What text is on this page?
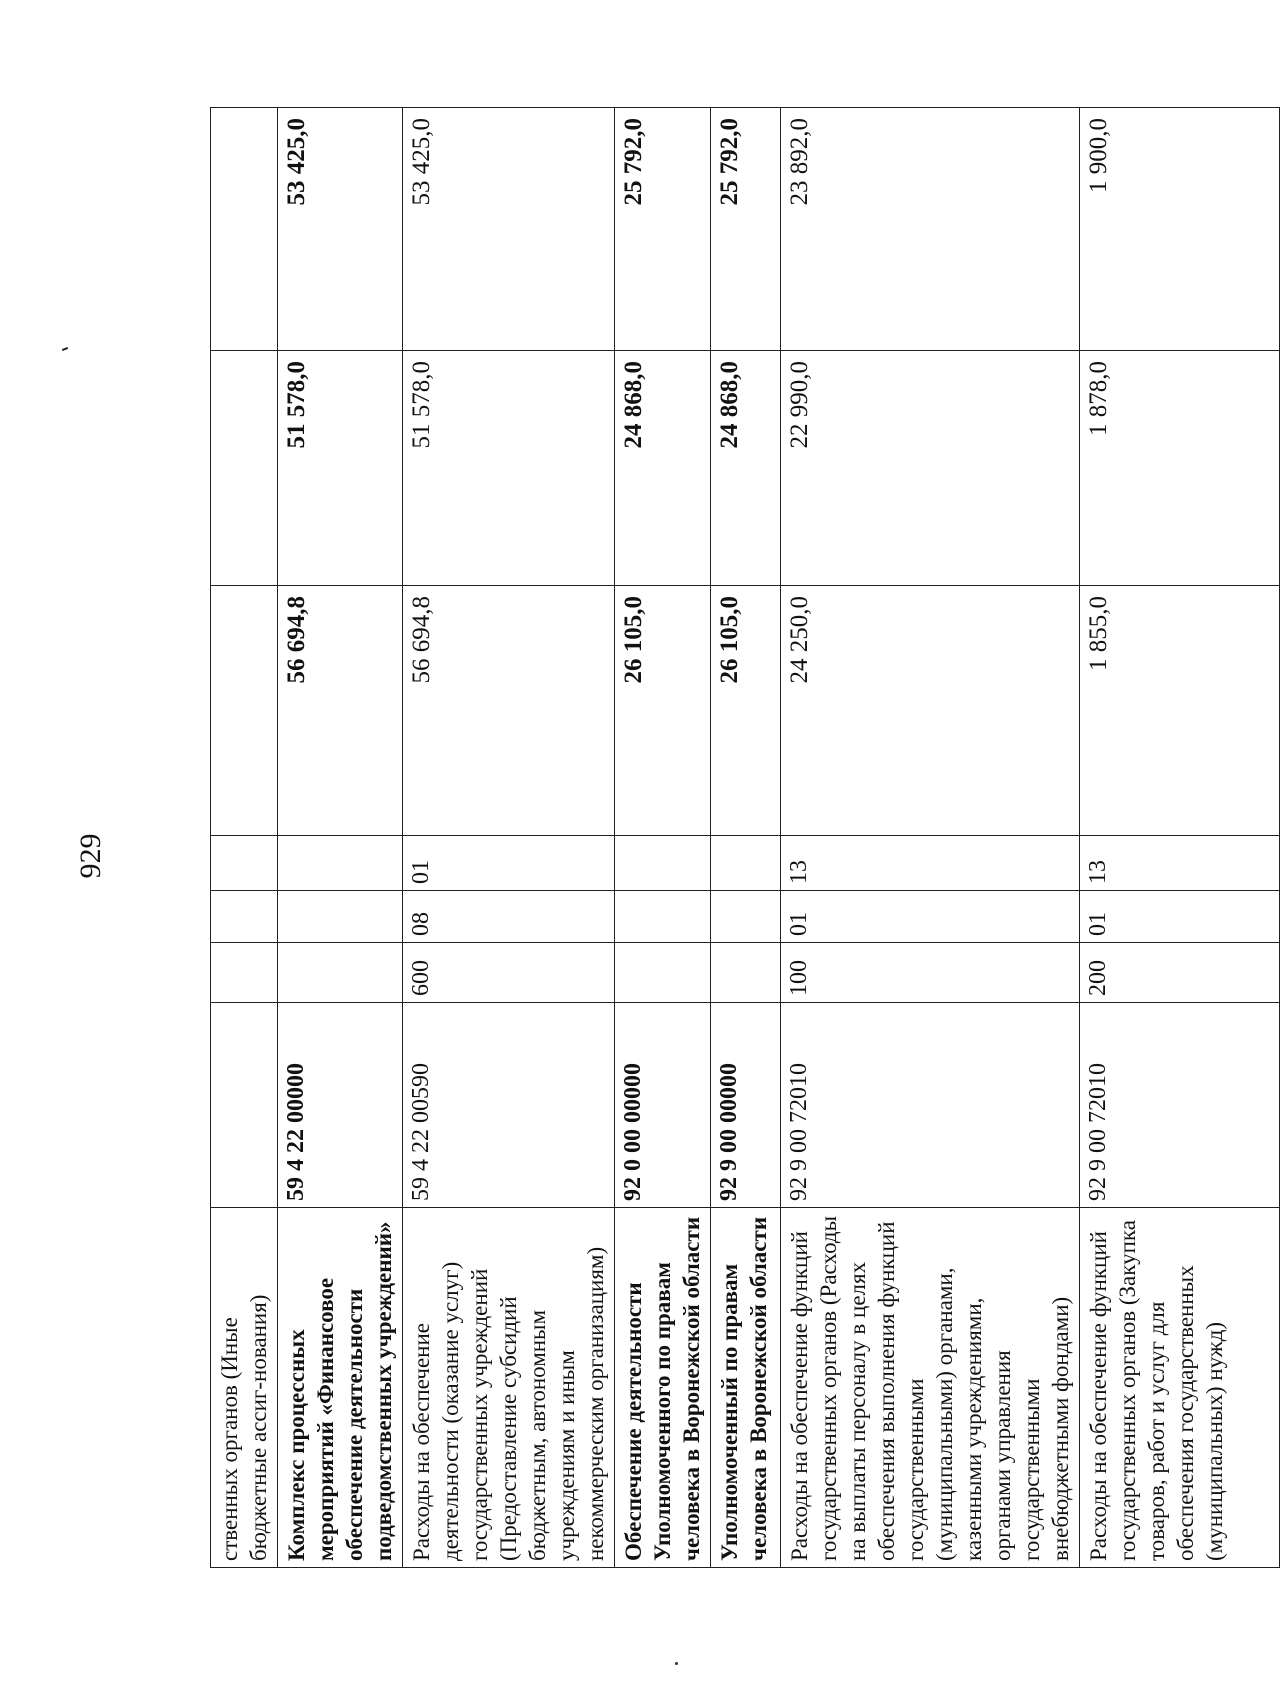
929
ственных органов (Иные бюджетные ассиг-нования)							
Комплекс процессных мероприятий «Финансовое обеспечение деятельности подведомственных учреждений»	59 4 22 00000				56 694,8	51 578,0	53 425,0
Расходы на обеспечение деятельности (оказание услуг) государственных учреждений (Предоставление субсидий бюджетным, автономным учреждениям и иным некоммерческим организациям)	59 4 22 00590	600	08	01	56 694,8	51 578,0	53 425,0
Обеспечение деятельности Уполномоченного по правам человека в Воронежской области	92 0 00 00000				26 105,0	24 868,0	25 792,0
Уполномоченный по правам человека в Воронежской области	92 9 00 00000				26 105,0	24 868,0	25 792,0
Расходы на обеспечение функций государственных органов (Расходы на выплаты персоналу в целях обеспечения выполнения функций государственными (муниципальными) органами, казенными учреждениями, органами управления государственными внебюджетными фондами)	92 9 00 72010	100	01	13	24 250,0	22 990,0	23 892,0
Расходы на обеспечение функций государственных органов (Закупка товаров, работ и услуг для обеспечения государственных (муниципальных) нужд)	92 9 00 72010	200	01	13	1 855,0	1 878,0	1 900,0
